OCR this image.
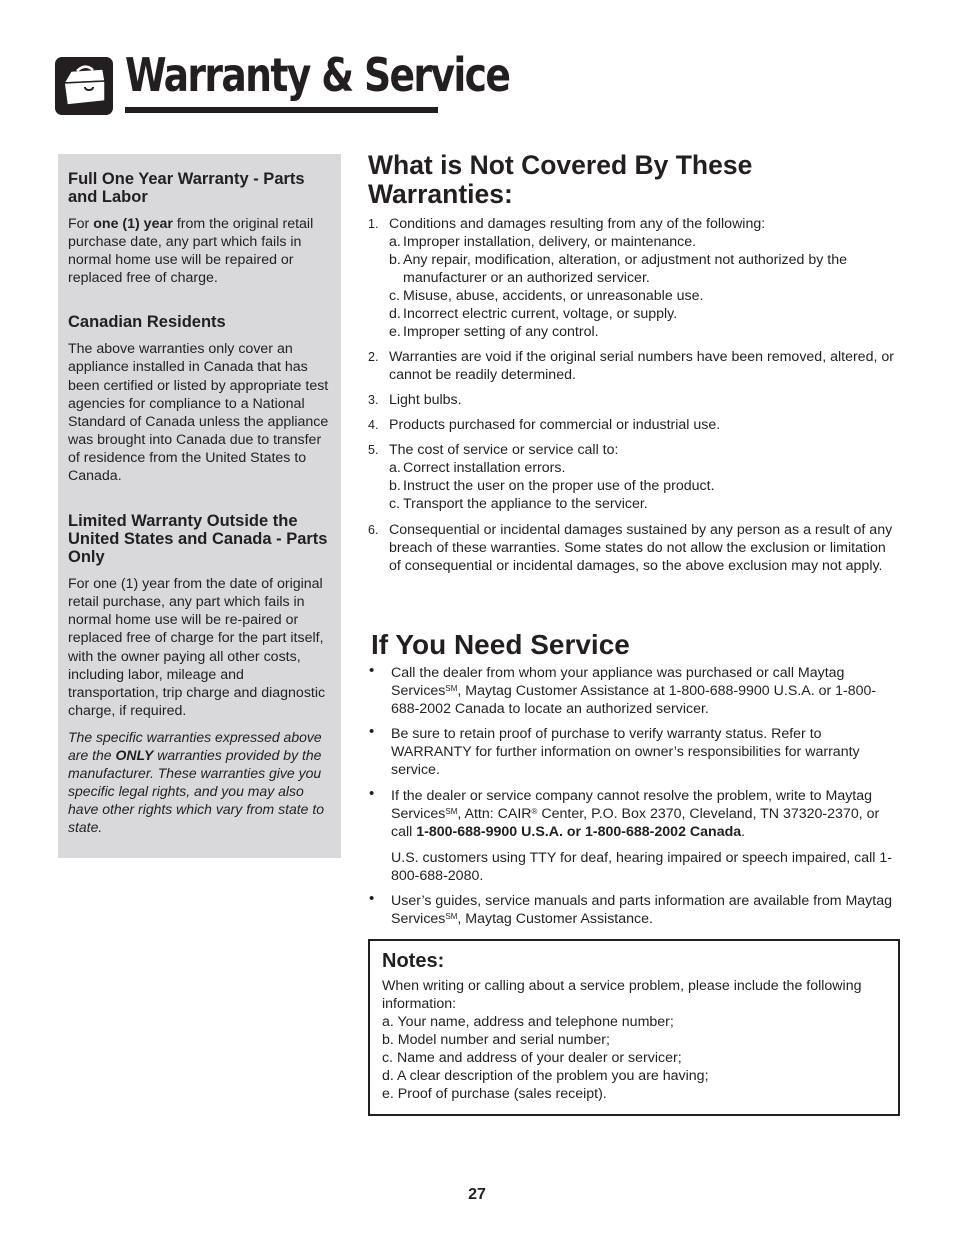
Warranty & Service
Full One Year Warranty - Parts and Labor

For one (1) year from the original retail purchase date, any part which fails in normal home use will be repaired or replaced free of charge.

Canadian Residents

The above warranties only cover an appliance installed in Canada that has been certified or listed by appropriate test agencies for compliance to a National Standard of Canada unless the appliance was brought into Canada due to transfer of residence from the United States to Canada.

Limited Warranty Outside the United States and Canada - Parts Only

For one (1) year from the date of original retail purchase, any part which fails in normal home use will be re-paired or replaced free of charge for the part itself, with the owner paying all other costs, including labor, mileage and transportation, trip charge and diagnostic charge, if required.

The specific warranties expressed above are the ONLY warranties provided by the manufacturer. These warranties give you specific legal rights, and you may also have other rights which vary from state to state.

What is Not Covered By These Warranties:
1. Conditions and damages resulting from any of the following:
a. Improper installation, delivery, or maintenance.
b. Any repair, modification, alteration, or adjustment not authorized by the manufacturer or an authorized servicer.
c. Misuse, abuse, accidents, or unreasonable use.
d. Incorrect electric current, voltage, or supply.
e. Improper setting of any control.
2. Warranties are void if the original serial numbers have been removed, altered, or cannot be readily determined.
3. Light bulbs.
4. Products purchased for commercial or industrial use.
5. The cost of service or service call to:
a. Correct installation errors.
b. Instruct the user on the proper use of the product.
c. Transport the appliance to the servicer.
6. Consequential or incidental damages sustained by any person as a result of any breach of these warranties. Some states do not allow the exclusion or limitation of consequential or incidental damages, so the above exclusion may not apply.
If You Need Service
• Call the dealer from whom your appliance was purchased or call Maytag Services℠, Maytag Customer Assistance at 1-800-688-9900 U.S.A. or 1-800-688-2002 Canada to locate an authorized servicer.
• Be sure to retain proof of purchase to verify warranty status. Refer to WARRANTY for further information on owner’s responsibilities for warranty service.
• If the dealer or service company cannot resolve the problem, write to Maytag Services℠, Attn: CAIR® Center, P.O. Box 2370, Cleveland, TN 37320-2370, or call 1-800-688-9900 U.S.A. or 1-800-688-2002 Canada.
U.S. customers using TTY for deaf, hearing impaired or speech impaired, call 1-800-688-2080.
• User’s guides, service manuals and parts information are available from Maytag Services℠, Maytag Customer Assistance.
Notes:
When writing or calling about a service problem, please include the following information:
a. Your name, address and telephone number;
b. Model number and serial number;
c. Name and address of your dealer or servicer;
d. A clear description of the problem you are having;
e. Proof of purchase (sales receipt).
27
